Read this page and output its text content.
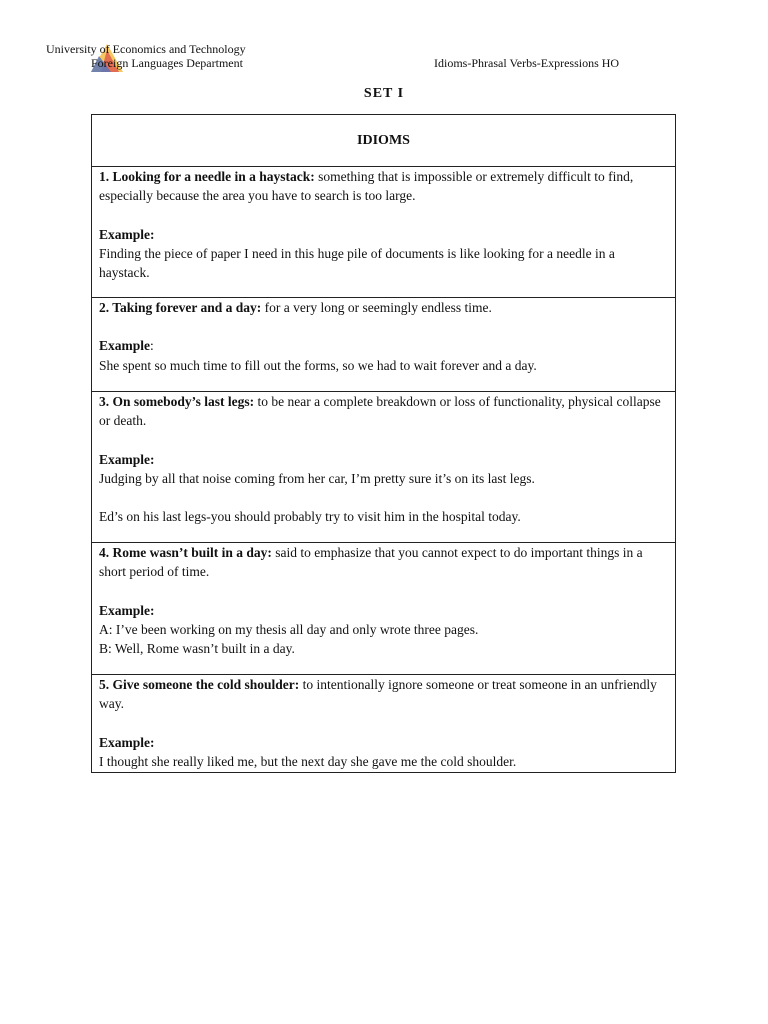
University of Economics and Technology
Foreign Languages Department	Idioms-Phrasal Verbs-Expressions HO
SET I
IDIOMS

1. Looking for a needle in a haystack: something that is impossible or extremely difficult to find, especially because the area you have to search is too large.

Example:

Finding the piece of paper I need in this huge pile of documents is like looking for a needle in a haystack.

2. Taking forever and a day: for a very long or seemingly endless time.

Example:

She spent so much time to fill out the forms, so we had to wait forever and a day.

3. On somebody’s last legs: to be near a complete breakdown or loss of functionality, physical collapse or death.

Example:

Judging by all that noise coming from her car, I’m pretty sure it’s on its last legs.

Ed’s on his last legs-you should probably try to visit him in the hospital today.

4. Rome wasn’t built in a day: said to emphasize that you cannot expect to do important things in a short period of time.

Example:

A: I’ve been working on my thesis all day and only wrote three pages.

B: Well, Rome wasn’t built in a day.

5. Give someone the cold shoulder: to intentionally ignore someone or treat someone in an unfriendly way.

Example:

I thought she really liked me, but the next day she gave me the cold shoulder.
